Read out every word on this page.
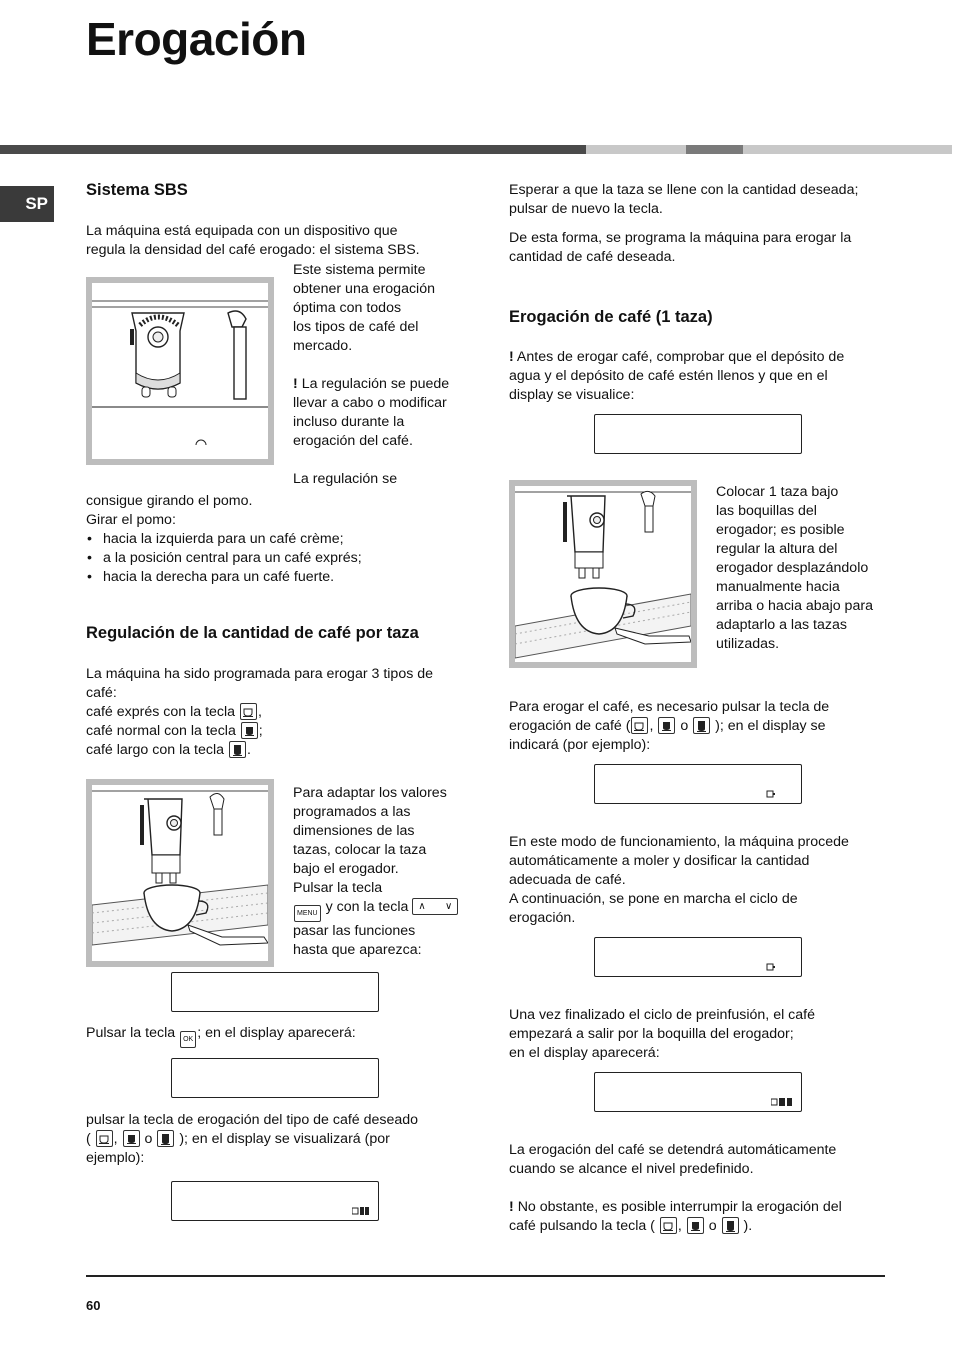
Erogación
SP
Sistema SBS

La máquina está equipada con un dispositivo que

regula la densidad del café erogado: el sistema SBS.

Este sistema permite

obtener una erogación

óptima con todos

los tipos de café del

mercado.

! La regulación se puede

llevar a cabo o modificar

incluso durante la

erogación del café.

La regulación se

consigue girando el pomo.

Girar el pomo:

• hacia la izquierda para un café crème;
• a la posición central para un café exprés;
• hacia la derecha para un café fuerte.
Regulación de la cantidad de café por taza

La máquina ha sido programada para erogar 3 tipos de

café:

café exprés con la tecla ,

café normal con la tecla ;

café largo con la tecla .

Para adaptar los valores

programados a las

dimensiones de las

tazas, colocar la taza

bajo el erogador.

Pulsar la tecla

MENU y con la tecla ∧ ∨

pasar las funciones

hasta que aparezca:

Pulsar la tecla OK ; en el display aparecerá:

pulsar la tecla de erogación del tipo de café deseado

(
,
o ); en el display se visualizará (por

ejemplo):

Esperar a que la taza se llene con la cantidad deseada;

pulsar de nuevo la tecla.

De esta forma, se programa la máquina para erogar la

cantidad de café deseada.

Erogación de café (1 taza)

! Antes de erogar café, comprobar que el depósito de

agua y el depósito de café estén llenos y que en el

display se visualice:

Colocar 1 taza bajo

las boquillas del

erogador; es posible

regular la altura del

erogador desplazándolo

manualmente hacia

arriba o hacia abajo para

adaptarlo a las tazas

utilizadas.

Para erogar el café, es necesario pulsar la tecla de

erogación de café ( ,
o ); en el display se

indicará (por ejemplo):

En este modo de funcionamiento, la máquina procede

automáticamente a moler y dosificar la cantidad

adecuada de café.

A continuación, se pone en marcha el ciclo de

erogación.

Una vez finalizado el ciclo de preinfusión, el café

empezará a salir por la boquilla del erogador;

en el display aparecerá:

La erogación del café se detendrá automáticamente

cuando se alcance el nivel predefinido.

! No obstante, es posible interrumpir la erogación del

café pulsando la tecla ( ,
o ).

60
